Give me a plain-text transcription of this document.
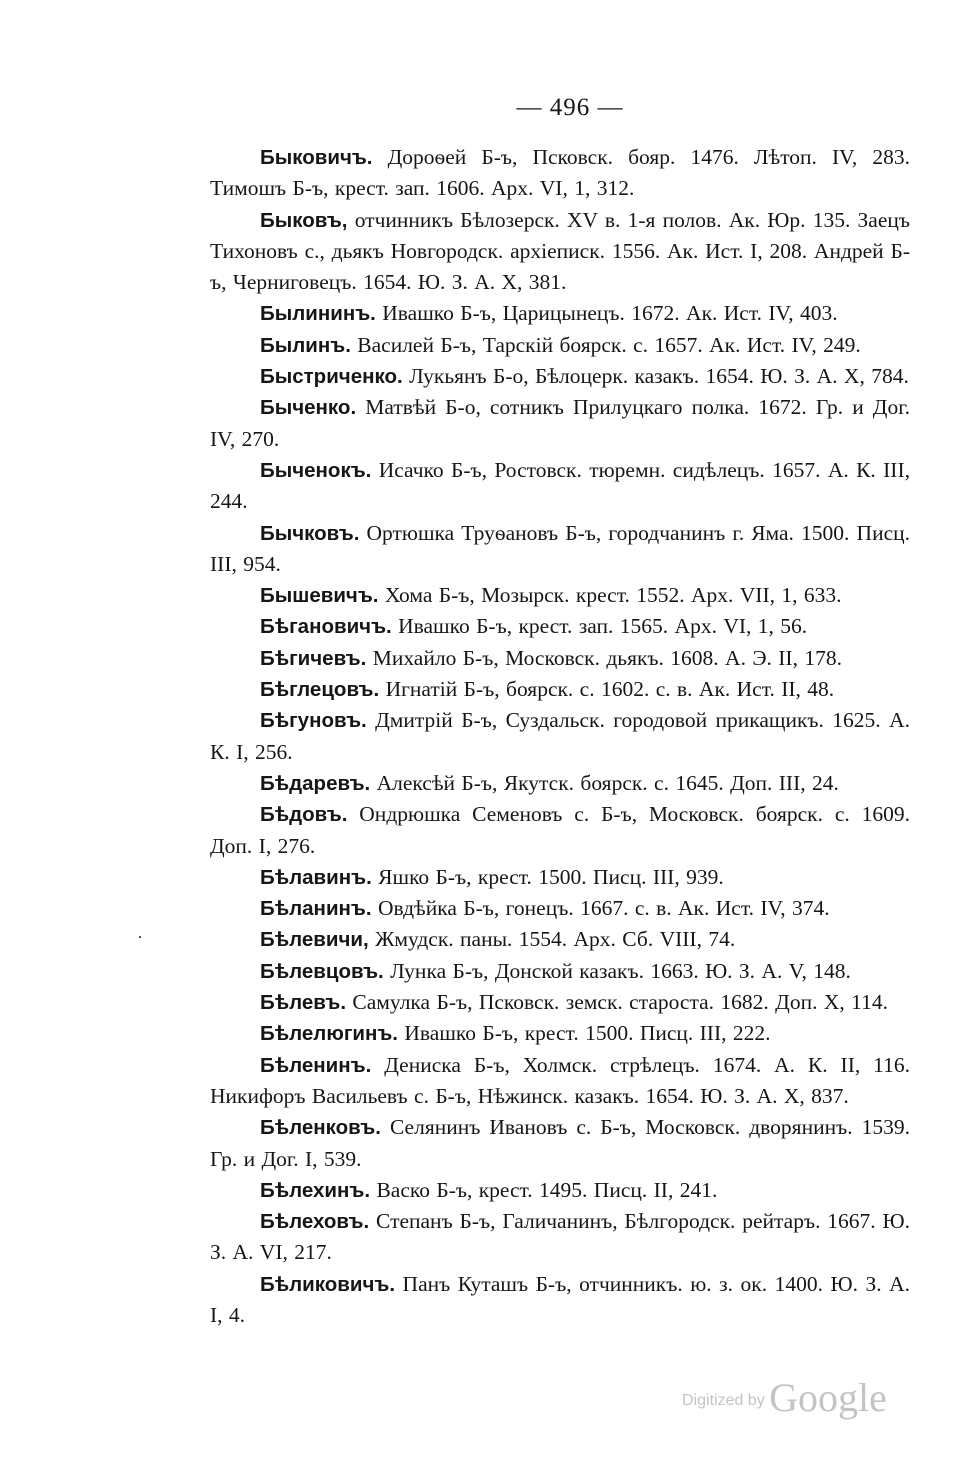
— 496 —

Быковичъ. Дороѳей Б-ъ, Псковск. бояр. 1476. Лѣтоп. IV, 283. Тимошъ Б-ъ, крест. зап. 1606. Арх. VI, 1, 312.

Быковъ, отчинникъ Бѣлозерск. XV в. 1-я полов. Ак. Юр. 135. Заецъ Тихоновъ с., дьякъ Новгородск. архіеписк. 1556. Ак. Ист. I, 208. Андрей Б-ъ, Черниговецъ. 1654. Ю. З. А. X, 381.

Былининъ. Ивашко Б-ъ, Царицынецъ. 1672. Ак. Ист. IV, 403.

Былинъ. Василей Б-ъ, Тарскій боярск. с. 1657. Ак. Ист. IV, 249.

Быстриченко. Лукьянъ Б-о, Бѣлоцерк. казакъ. 1654. Ю. З. А. X, 784.

Быченко. Матвѣй Б-о, сотникъ Прилуцкаго полка. 1672. Гр. и Дог. IV, 270.

Быченокъ. Исачко Б-ъ, Ростовск. тюремн. сидѣлецъ. 1657. А. К. III, 244.

Бычковъ. Ортюшка Труѳановъ Б-ъ, городчанинъ г. Яма. 1500. Писц. III, 954.

Бышевичъ. Хома Б-ъ, Мозырск. крест. 1552. Арх. VII, 1, 633.

Бѣгановичъ. Ивашко Б-ъ, крест. зап. 1565. Арх. VI, 1, 56.

Бѣгичевъ. Михайло Б-ъ, Московск. дьякъ. 1608. А. Э. II, 178.

Бѣглецовъ. Игнатій Б-ъ, боярск. с. 1602. с. в. Ак. Ист. II, 48.

Бѣгуновъ. Дмитрій Б-ъ, Суздальск. городовой прикащикъ. 1625. А. К. I, 256.

Бѣдаревъ. Алексѣй Б-ъ, Якутск. боярск. с. 1645. Доп. III, 24.

Бѣдовъ. Ондрюшка Семеновъ с. Б-ъ, Московск. боярск. с. 1609. Доп. I, 276.

Бѣлавинъ. Яшко Б-ъ, крест. 1500. Писц. III, 939.

Бѣланинъ. Овдѣйка Б-ъ, гонецъ. 1667. с. в. Ак. Ист. IV, 374.

Бѣлевичи, Жмудск. паны. 1554. Арх. Сб. VIII, 74.

Бѣлевцовъ. Лунка Б-ъ, Донской казакъ. 1663. Ю. З. А. V, 148.

Бѣлевъ. Самулка Б-ъ, Псковск. земск. староста. 1682. Доп. X, 114.

Бѣлелюгинъ. Ивашко Б-ъ, крест. 1500. Писц. III, 222.

Бѣленинъ. Дениска Б-ъ, Холмск. стрѣлецъ. 1674. А. К. II, 116. Никифоръ Васильевъ с. Б-ъ, Нѣжинск. казакъ. 1654. Ю. З. А. X, 837.

Бѣленковъ. Селянинъ Ивановъ с. Б-ъ, Московск. дворянинъ. 1539. Гр. и Дог. I, 539.

Бѣлехинъ. Васко Б-ъ, крест. 1495. Писц. II, 241.

Бѣлеховъ. Степанъ Б-ъ, Галичанинъ, Бѣлгородск. рейтаръ. 1667. Ю. З. А. VI, 217.

Бѣликовичъ. Панъ Куташъ Б-ъ, отчинникъ. ю. з. ок. 1400. Ю. З. А. I, 4.

Digitized by Google
